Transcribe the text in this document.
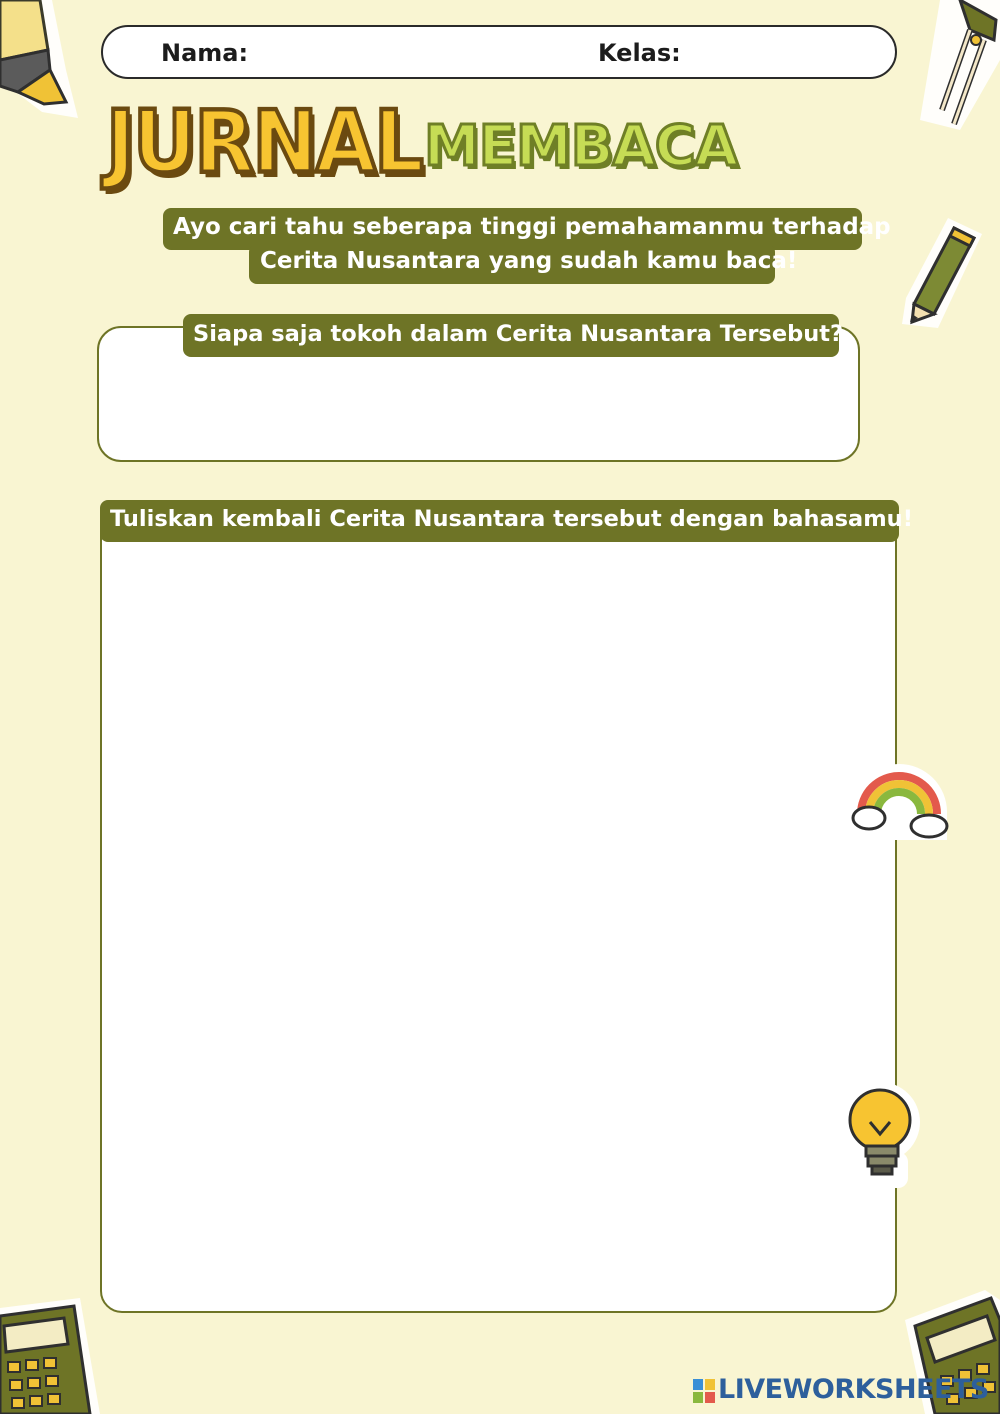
Nama:	Kelas:
JURNAL MEMBACA
Ayo cari tahu seberapa tinggi pemahamanmu terhadap
Cerita Nusantara yang sudah kamu baca!
Siapa saja tokoh dalam Cerita Nusantara Tersebut?
Tuliskan kembali Cerita Nusantara tersebut dengan bahasamu!
LIVEWORKSHEETS
